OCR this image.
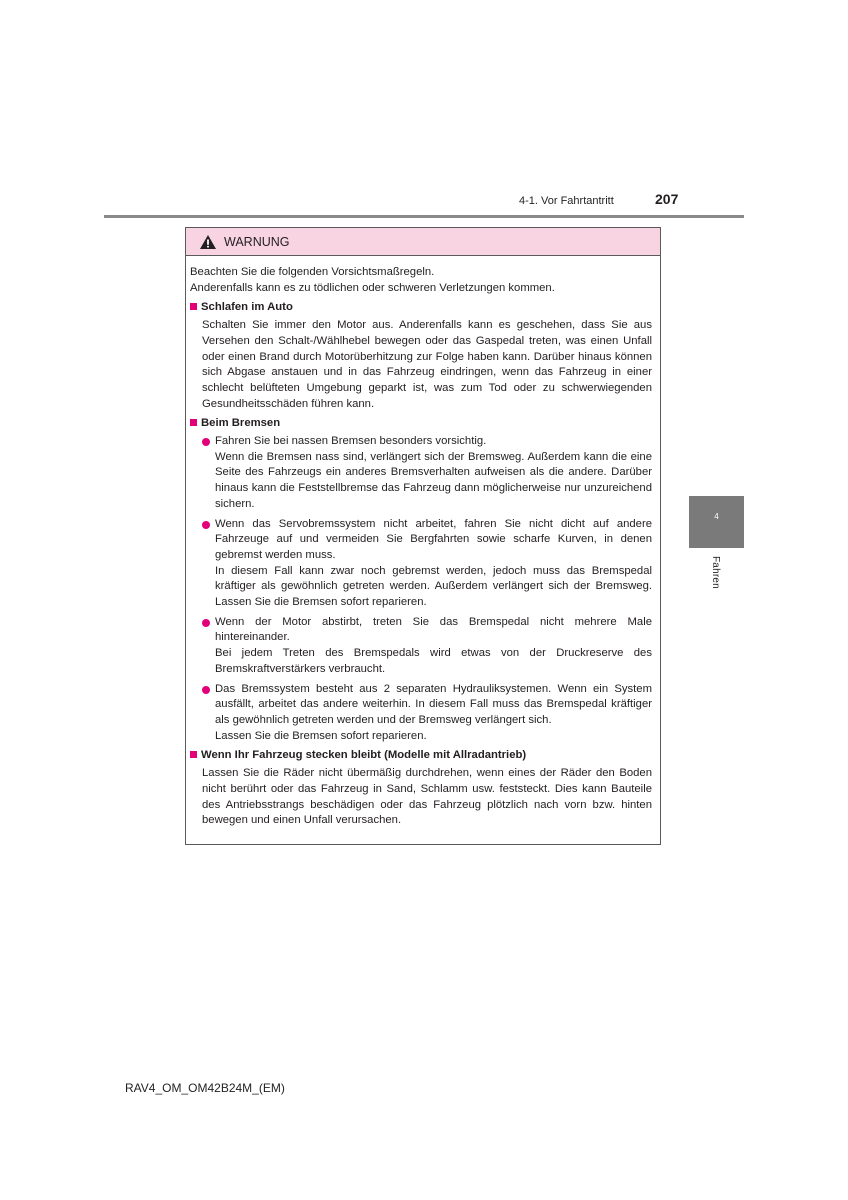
4-1. Vor Fahrtantritt	207
4
Fahren
WARNUNG

Beachten Sie die folgenden Vorsichtsmaßregeln.

Anderenfalls kann es zu tödlichen oder schweren Verletzungen kommen.

Schlafen im Auto
Schalten Sie immer den Motor aus. Anderenfalls kann es geschehen, dass Sie aus Versehen den Schalt-/Wählhebel bewegen oder das Gaspedal treten, was einen Unfall oder einen Brand durch Motorüberhitzung zur Folge haben kann. Darüber hinaus können sich Abgase anstauen und in das Fahrzeug eindringen, wenn das Fahrzeug in einer schlecht belüfteten Umgebung geparkt ist, was zum Tod oder zu schwerwiegenden Gesundheitsschäden führen kann.
Beim Bremsen

Fahren Sie bei nassen Bremsen besonders vorsichtig.

Wenn die Bremsen nass sind, verlängert sich der Bremsweg. Außerdem kann die eine Seite des Fahrzeugs ein anderes Bremsverhalten aufweisen als die andere. Darüber hinaus kann die Feststellbremse das Fahrzeug dann möglicherweise nur unzureichend sichern.

Wenn das Servobremssystem nicht arbeitet, fahren Sie nicht dicht auf andere Fahrzeuge auf und vermeiden Sie Bergfahrten sowie scharfe Kurven, in denen gebremst werden muss.

In diesem Fall kann zwar noch gebremst werden, jedoch muss das Bremspedal kräftiger als gewöhnlich getreten werden. Außerdem verlängert sich der Bremsweg. Lassen Sie die Bremsen sofort reparieren.

Wenn der Motor abstirbt, treten Sie das Bremspedal nicht mehrere Male hintereinander.

Bei jedem Treten des Bremspedals wird etwas von der Druckreserve des Bremskraftverstärkers verbraucht.

Das Bremssystem besteht aus 2 separaten Hydrauliksystemen. Wenn ein System ausfällt, arbeitet das andere weiterhin. In diesem Fall muss das Bremspedal kräftiger als gewöhnlich getreten werden und der Bremsweg verlängert sich.

Lassen Sie die Bremsen sofort reparieren.

Wenn Ihr Fahrzeug stecken bleibt (Modelle mit Allradantrieb)
Lassen Sie die Räder nicht übermäßig durchdrehen, wenn eines der Räder den Boden nicht berührt oder das Fahrzeug in Sand, Schlamm usw. feststeckt. Dies kann Bauteile des Antriebsstrangs beschädigen oder das Fahrzeug plötzlich nach vorn bzw. hinten bewegen und einen Unfall verursachen.
RAV4_OM_OM42B24M_(EM)
